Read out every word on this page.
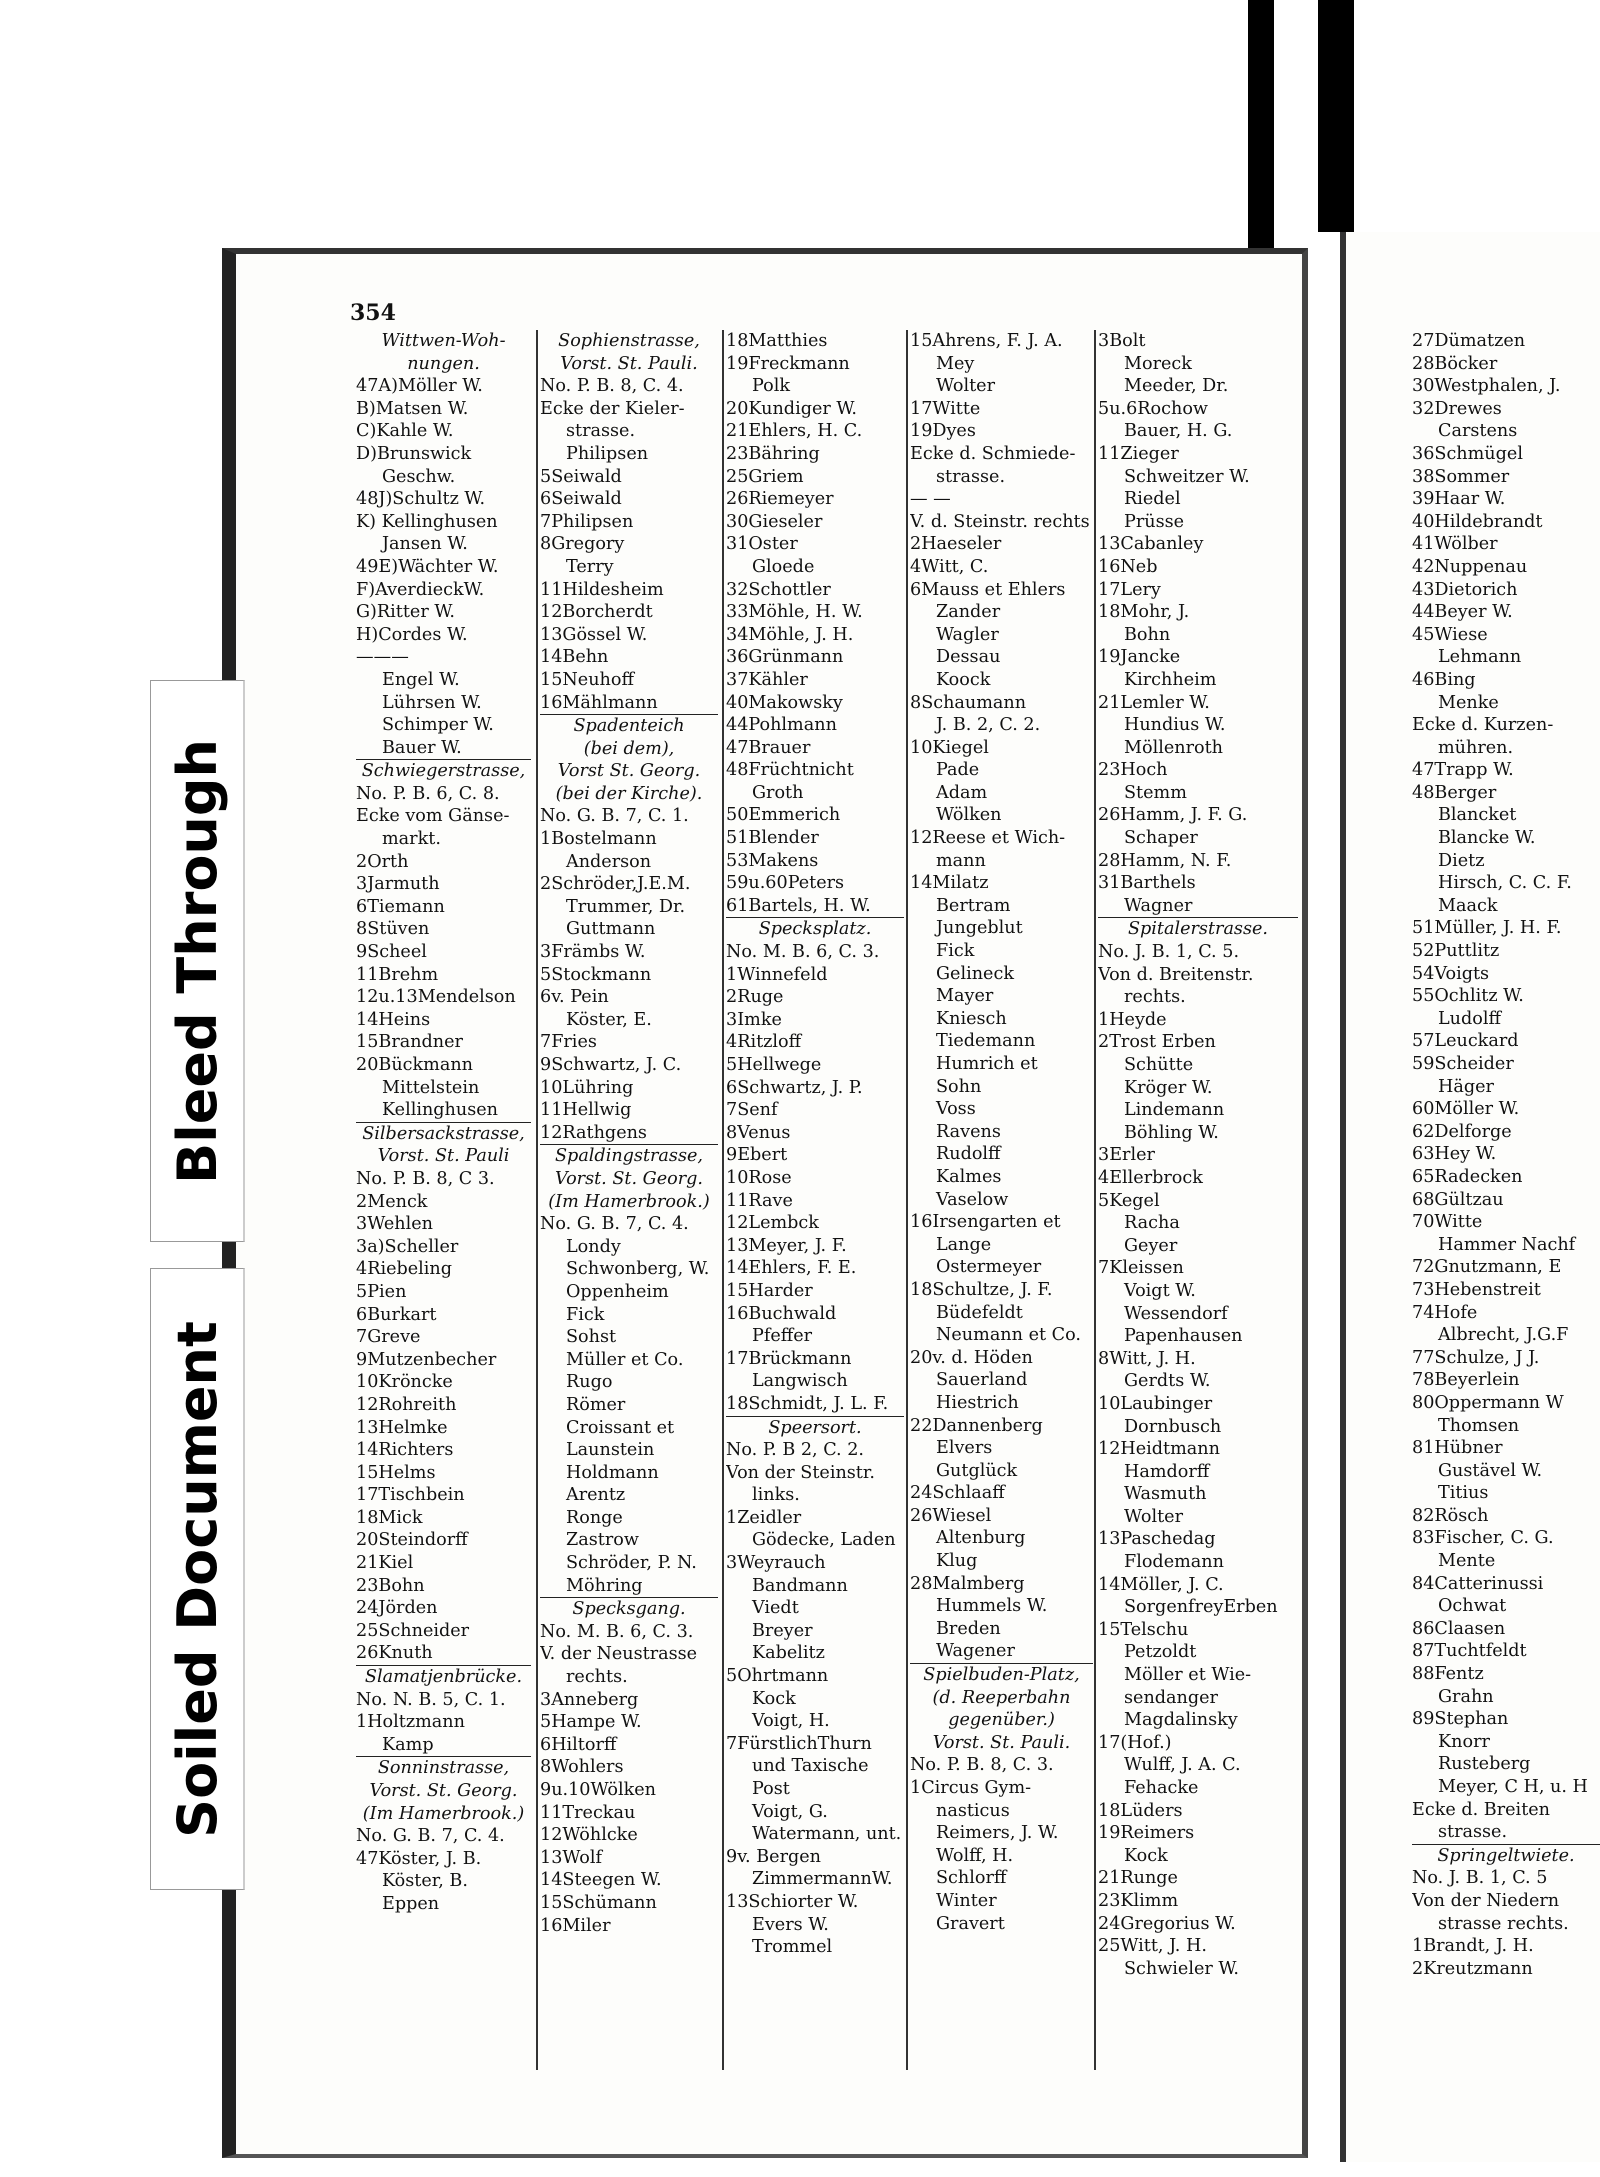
354
Wittwen-Woh-
nungen.
47A)Möller W.
B)Matsen W.
C)Kahle W.
D)Brunswick
Geschw.
48J)Schultz W.
K) Kellinghusen
Jansen W.
49E)Wächter W.
F)AverdieckW.
G)Ritter W.
H)Cordes W.
———
Engel W.
Lührsen W.
Schimper W.
Bauer W.
Schwiegerstrasse,
No. P. B. 6, C. 8.
Ecke vom Gänse-
markt.
2Orth
3Jarmuth
6Tiemann
8Stüven
9Scheel
11Brehm
12u.13Mendelson
14Heins
15Brandner
20Bückmann
Mittelstein
Kellinghusen
Silbersackstrasse,
Vorst. St. Pauli
No. P. B. 8, C 3.
2Menck
3Wehlen
3a)Scheller
4Riebeling
5Pien
6Burkart
7Greve
9Mutzenbecher
10Kröncke
12Rohreith
13Helmke
14Richters
15Helms
17Tischbein
18Mick
20Steindorff
21Kiel
23Bohn
24Jörden
25Schneider
26Knuth
Slamatjenbrücke.
No. N. B. 5, C. 1.
1Holtzmann
Kamp
Sonninstrasse,
Vorst. St. Georg.
(Im Hamerbrook.)
No. G. B. 7, C. 4.
47Köster, J. B.
Köster, B.
Eppen
Sophienstrasse,
Vorst. St. Pauli.
No. P. B. 8, C. 4.
Ecke der Kieler-
strasse.
Philipsen
5Seiwald
6Seiwald
7Philipsen
8Gregory
Terry
11Hildesheim
12Borcherdt
13Gössel W.
14Behn
15Neuhoff
16Mählmann
Spadenteich
(bei dem),
Vorst St. Georg.
(bei der Kirche).
No. G. B. 7, C. 1.
1Bostelmann
Anderson
2Schröder,J.E.M.
Trummer, Dr.
Guttmann
3Främbs W.
5Stockmann
6v. Pein
Köster, E.
7Fries
9Schwartz, J. C.
10Lühring
11Hellwig
12Rathgens
Spaldingstrasse,
Vorst. St. Georg.
(Im Hamerbrook.)
No. G. B. 7, C. 4.
Londy
Schwonberg, W.
Oppenheim
Fick
Sohst
Müller et Co.
Rugo
Römer
Croissant et
Launstein
Holdmann
Arentz
Ronge
Zastrow
Schröder, P. N.
Möhring
Specksgang.
No. M. B. 6, C. 3.
V. der Neustrasse
rechts.
3Anneberg
5Hampe W.
6Hiltorff
8Wohlers
9u.10Wölken
11Treckau
12Wöhlcke
13Wolf
14Steegen W.
15Schümann
16Miler
18Matthies
19Freckmann
Polk
20Kundiger W.
21Ehlers, H. C.
23Bähring
25Griem
26Riemeyer
30Gieseler
31Oster
Gloede
32Schottler
33Möhle, H. W.
34Möhle, J. H.
36Grünmann
37Kähler
40Makowsky
44Pohlmann
47Brauer
48Früchtnicht
Groth
50Emmerich
51Blender
53Makens
59u.60Peters
61Bartels, H. W.
Specksplatz.
No. M. B. 6, C. 3.
1Winnefeld
2Ruge
3Imke
4Ritzloff
5Hellwege
6Schwartz, J. P.
7Senf
8Venus
9Ebert
10Rose
11Rave
12Lembck
13Meyer, J. F.
14Ehlers, F. E.
15Harder
16Buchwald
Pfeffer
17Brückmann
Langwisch
18Schmidt, J. L. F.
Speersort.
No. P. B 2, C. 2.
Von der Steinstr.
links.
1Zeidler
Gödecke, Laden
3Weyrauch
Bandmann
Viedt
Breyer
Kabelitz
5Ohrtmann
Kock
Voigt, H.
7FürstlichThurn
und Taxische
Post
Voigt, G.
Watermann, unt.
9v. Bergen
ZimmermannW.
13Schiorter W.
Evers W.
Trommel
15Ahrens, F. J. A.
Mey
Wolter
17Witte
19Dyes
Ecke d. Schmiede-
strasse.
— —
V. d. Steinstr. rechts
2Haeseler
4Witt, C.
6Mauss et Ehlers
Zander
Wagler
Dessau
Koock
8Schaumann
J. B. 2, C. 2.
10Kiegel
Pade
Adam
Wölken
12Reese et Wich-
mann
14Milatz
Bertram
Jungeblut
Fick
Gelineck
Mayer
Kniesch
Tiedemann
Humrich et
Sohn
Voss
Ravens
Rudolff
Kalmes
Vaselow
16Irsengarten et
Lange
Ostermeyer
18Schultze, J. F.
Büdefeldt
Neumann et Co.
20v. d. Höden
Sauerland
Hiestrich
22Dannenberg
Elvers
Gutglück
24Schlaaff
26Wiesel
Altenburg
Klug
28Malmberg
Hummels W.
Breden
Wagener
Spielbuden-Platz,
(d. Reeperbahn
gegenüber.)
Vorst. St. Pauli.
No. P. B. 8, C. 3.
1Circus Gym-
nasticus
Reimers, J. W.
Wolff, H.
Schlorff
Winter
Gravert
3Bolt
Moreck
Meeder, Dr.
5u.6Rochow
Bauer, H. G.
11Zieger
Schweitzer W.
Riedel
Prüsse
13Cabanley
16Neb
17Lery
18Mohr, J.
Bohn
19Jancke
Kirchheim
21Lemler W.
Hundius W.
Möllenroth
23Hoch
Stemm
26Hamm, J. F. G.
Schaper
28Hamm, N. F.
31Barthels
Wagner
Spitalerstrasse.
No. J. B. 1, C. 5.
Von d. Breitenstr.
rechts.
1Heyde
2Trost Erben
Schütte
Kröger W.
Lindemann
Böhling W.
3Erler
4Ellerbrock
5Kegel
Racha
Geyer
7Kleissen
Voigt W.
Wessendorf
Papenhausen
8Witt, J. H.
Gerdts W.
10Laubinger
Dornbusch
12Heidtmann
Hamdorff
Wasmuth
Wolter
13Paschedag
Flodemann
14Möller, J. C.
SorgenfreyErben
15Telschu
Petzoldt
Möller et Wie-
sendanger
Magdalinsky
17(Hof.)
Wulff, J. A. C.
Fehacke
18Lüders
19Reimers
Kock
21Runge
23Klimm
24Gregorius W.
25Witt, J. H.
Schwieler W.
27Dümatzen
28Böcker
30Westphalen, J.
32Drewes
Carstens
36Schmügel
38Sommer
39Haar W.
40Hildebrandt
41Wölber
42Nuppenau
43Dietorich
44Beyer W.
45Wiese
Lehmann
46Bing
Menke
Ecke d. Kurzen-
mühren.
47Trapp W.
48Berger
Blancket
Blancke W.
Dietz
Hirsch, C. C. F.
Maack
51Müller, J. H. F.
52Puttlitz
54Voigts
55Ochlitz W.
Ludolff
57Leuckard
59Scheider
Häger
60Möller W.
62Delforge
63Hey W.
65Radecken
68Gültzau
70Witte
Hammer Nachf
72Gnutzmann, E
73Hebenstreit
74Hofe
Albrecht, J.G.F
77Schulze, J J.
78Beyerlein
80Oppermann W
Thomsen
81Hübner
Gustävel W.
Titius
82Rösch
83Fischer, C. G.
Mente
84Catterinussi
Ochwat
86Claasen
87Tuchtfeldt
88Fentz
Grahn
89Stephan
Knorr
Rusteberg
Meyer, C H, u. H
Ecke d. Breiten
strasse.
Springeltwiete.
No. J. B. 1, C. 5
Von der Niedern
strasse rechts.
1Brandt, J. H.
2Kreutzmann
Bleed Through
Soiled Document
